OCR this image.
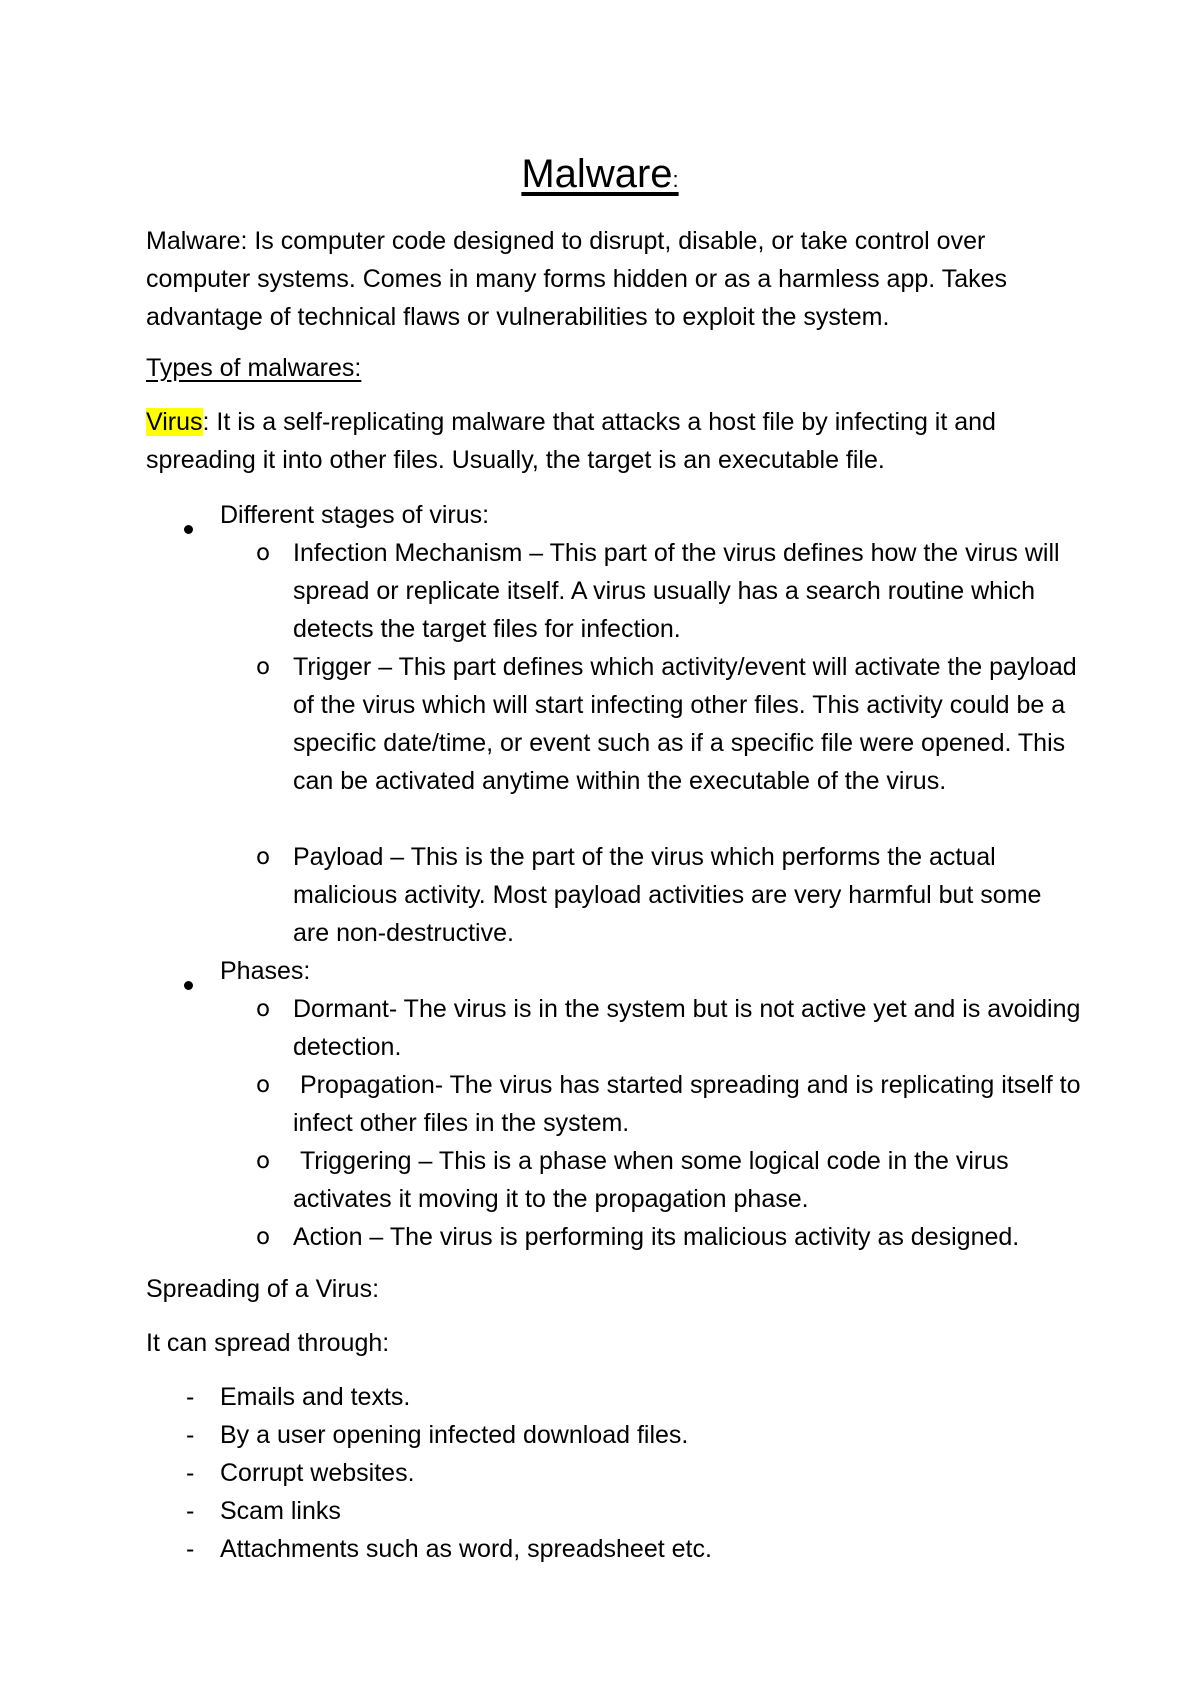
Malware:

Malware: Is computer code designed to disrupt, disable, or take control over computer systems. Comes in many forms hidden or as a harmless app. Takes advantage of technical flaws or vulnerabilities to exploit the system.

Types of malwares:

Virus: It is a self-replicating malware that attacks a host file by infecting it and spreading it into other files. Usually, the target is an executable file.

Different stages of virus:

o Infection Mechanism – This part of the virus defines how the virus will spread or replicate itself. A virus usually has a search routine which detects the target files for infection.

o Trigger – This part defines which activity/event will activate the payload of the virus which will start infecting other files. This activity could be a specific date/time, or event such as if a specific file were opened. This can be activated anytime within the executable of the virus.

o Payload – This is the part of the virus which performs the actual malicious activity. Most payload activities are very harmful but some are non-destructive.

Phases:

o Dormant- The virus is in the system but is not active yet and is avoiding detection.

o Propagation- The virus has started spreading and is replicating itself to infect other files in the system.

o Triggering – This is a phase when some logical code in the virus activates it moving it to the propagation phase.

o Action – The virus is performing its malicious activity as designed.

Spreading of a Virus:

It can spread through:

- Emails and texts.

- By a user opening infected download files.

- Corrupt websites.

- Scam links

- Attachments such as word, spreadsheet etc.
